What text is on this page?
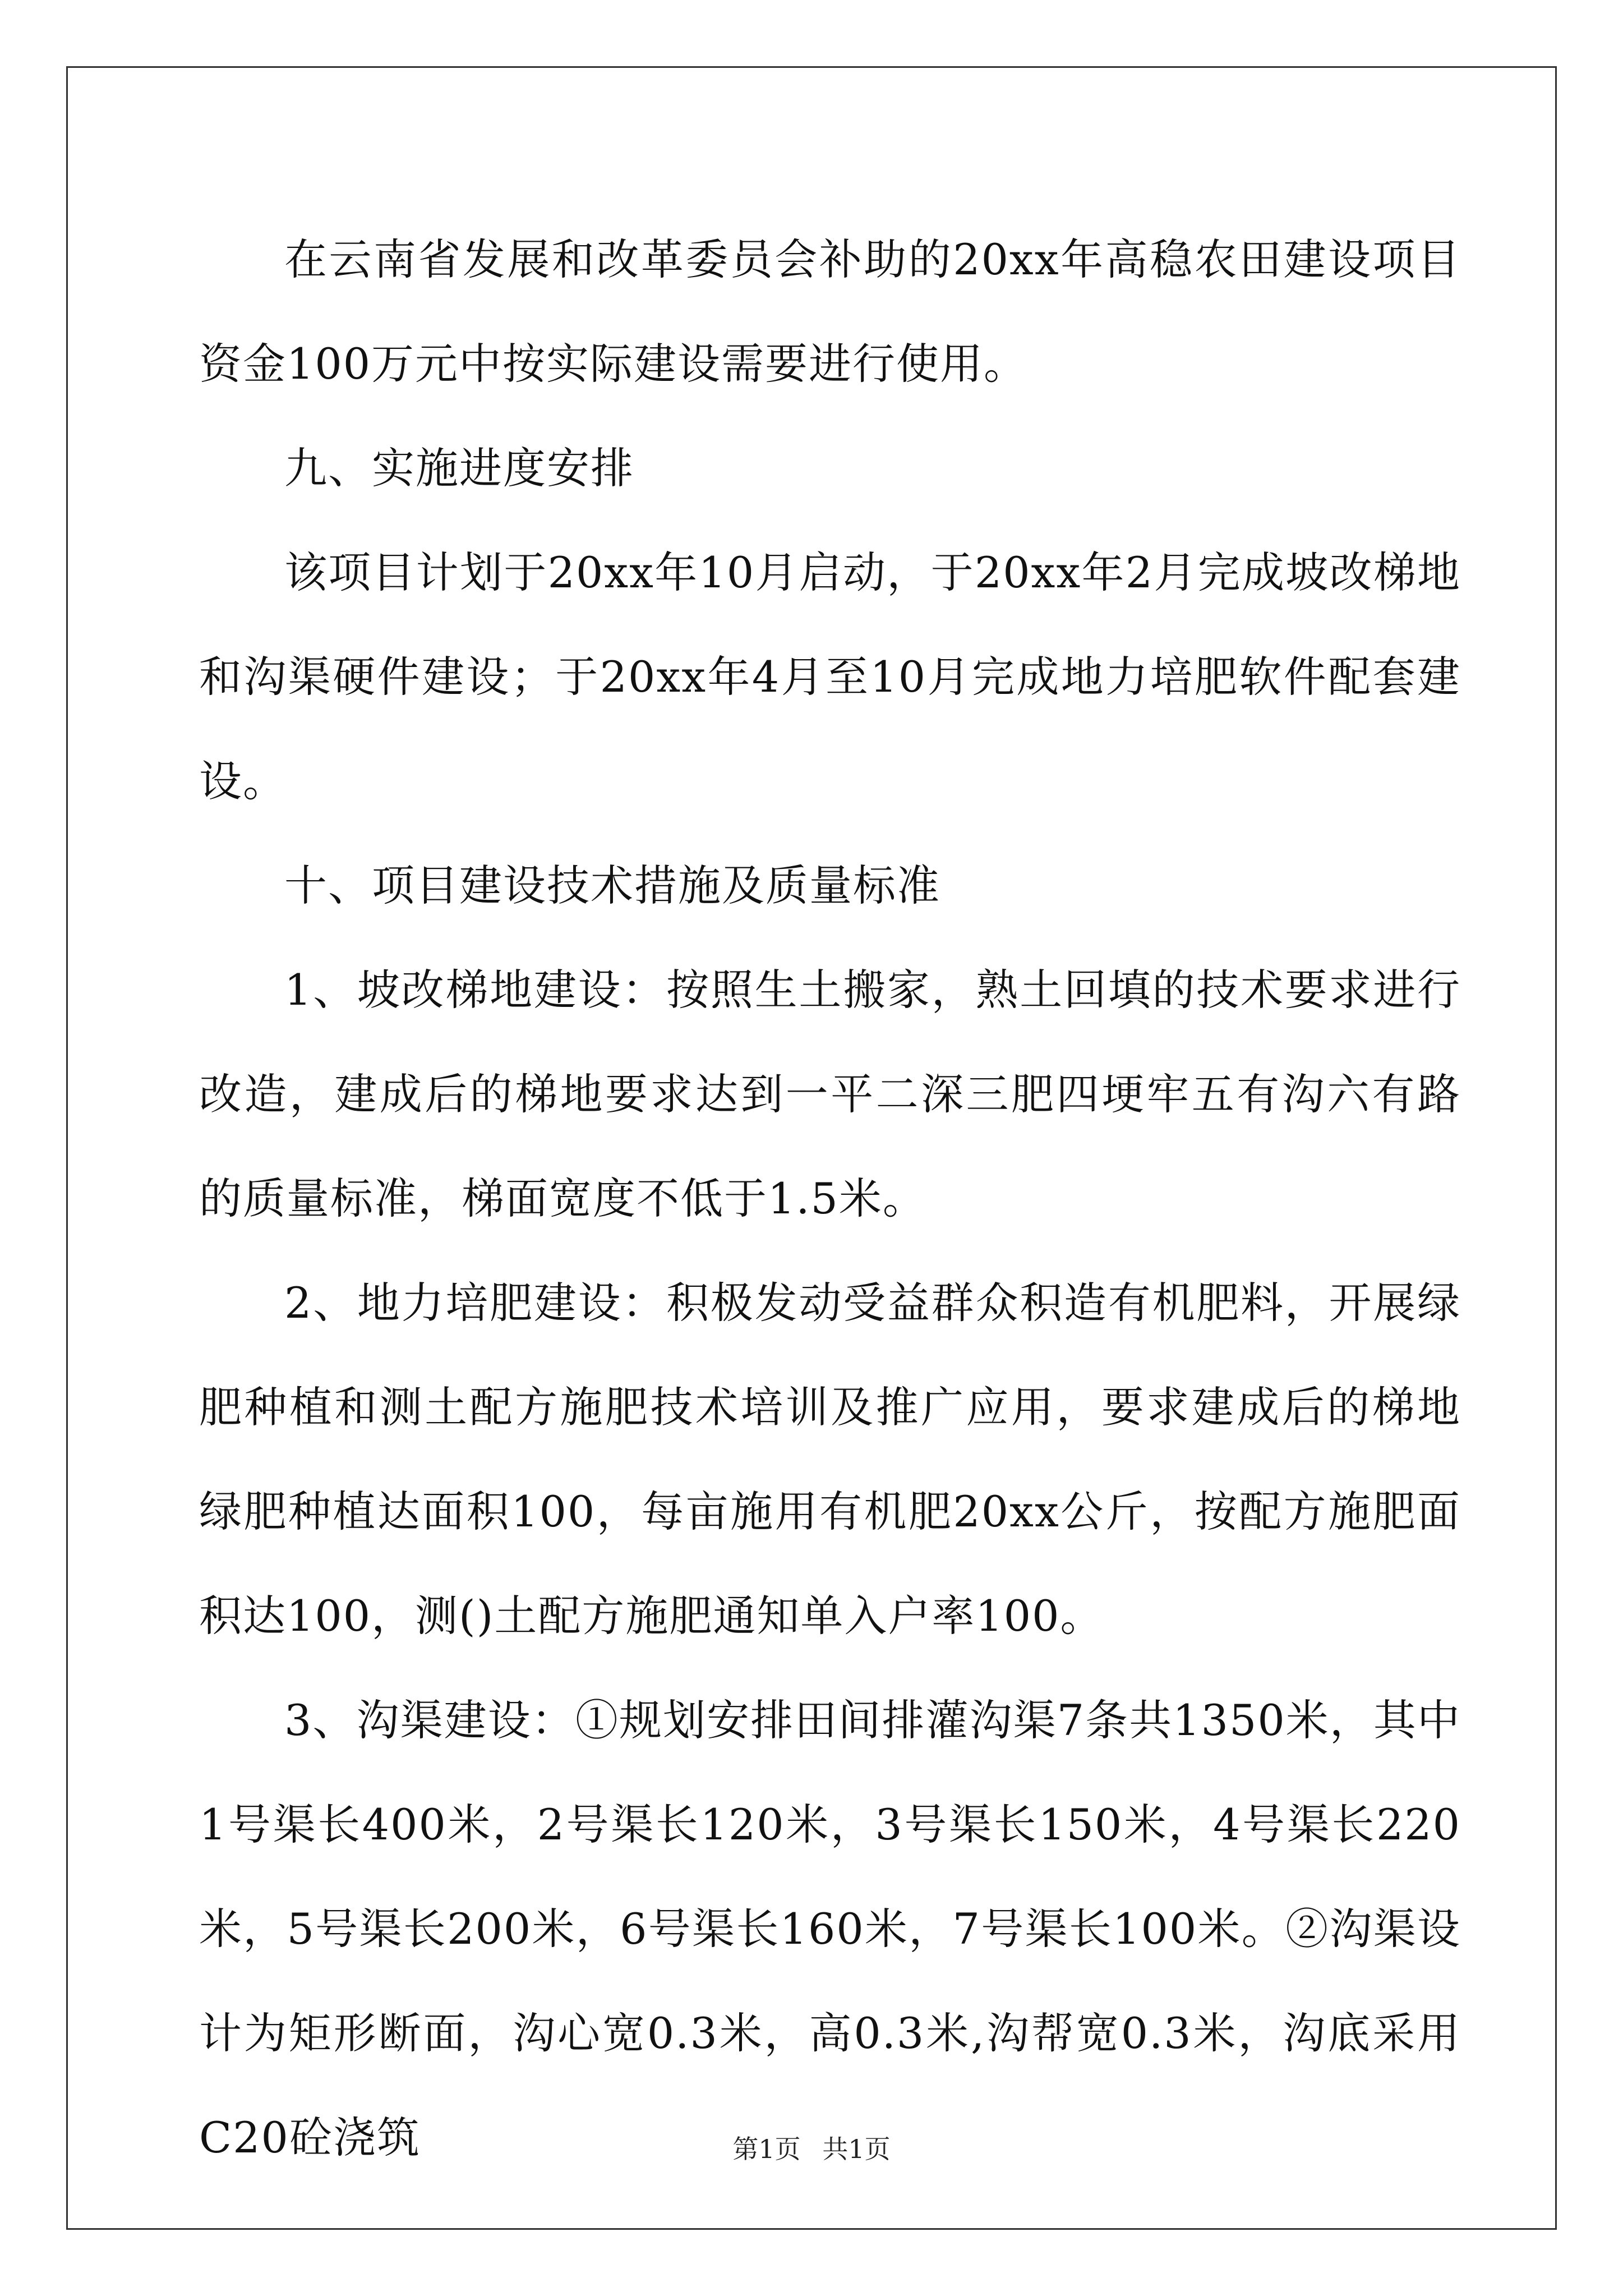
在云南省发展和改革委员会补助的20xx年高稳农田建设项目资金100万元中按实际建设需要进行使用。

九、实施进度安排

该项目计划于20xx年10月启动，于20xx年2月完成坡改梯地和沟渠硬件建设；于20xx年4月至10月完成地力培肥软件配套建设。

十、项目建设技术措施及质量标准

1、坡改梯地建设：按照生土搬家，熟土回填的技术要求进行改造，建成后的梯地要求达到一平二深三肥四埂牢五有沟六有路的质量标准，梯面宽度不低于1.5米。

2、地力培肥建设：积极发动受益群众积造有机肥料，开展绿肥种植和测土配方施肥技术培训及推广应用，要求建成后的梯地绿肥种植达面积100，每亩施用有机肥20xx公斤，按配方施肥面积达100，测()土配方施肥通知单入户率100。

3、沟渠建设：①规划安排田间排灌沟渠7条共1350米，其中1号渠长400米，2号渠长120米，3号渠长150米，4号渠长220米，5号渠长200米，6号渠长160米，7号渠长100米。②沟渠设计为矩形断面，沟心宽0.3米，高0.3米,沟帮宽0.3米，沟底采用C20砼浇筑	第1页 共1页
